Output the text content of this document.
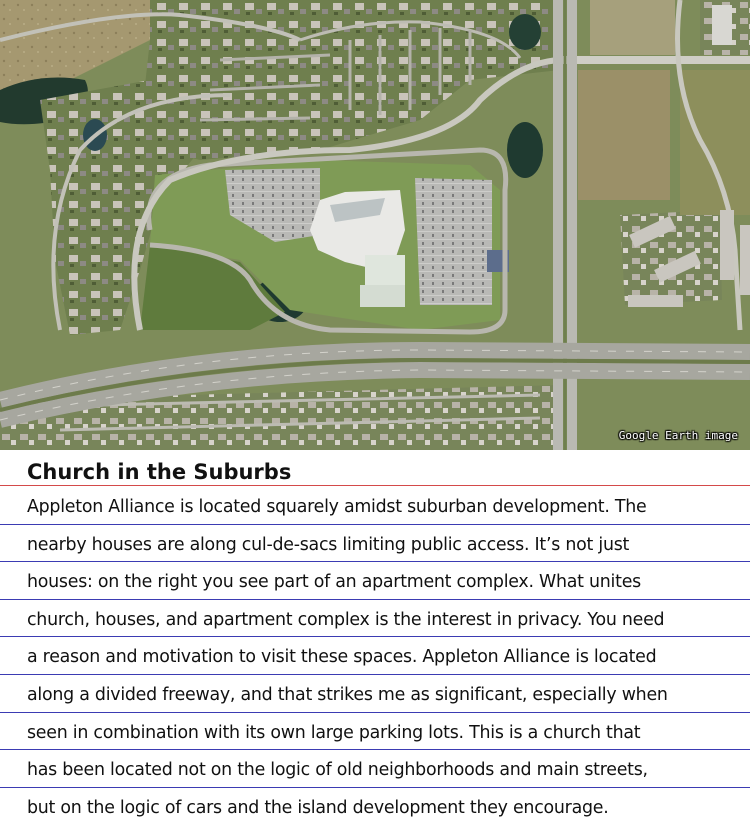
Google Earth image
Church in the Suburbs
Appleton Alliance is located squarely amidst suburban development. The
nearby houses are along cul-de-sacs limiting public access. It’s not just
houses: on the right you see part of an apartment complex. What unites
church, houses, and apartment complex is the interest in privacy. You need
a reason and motivation to visit these spaces. Appleton Alliance is located
along a divided freeway, and that strikes me as significant, especially when
seen in combination with its own large parking lots. This is a church that
has been located not on the logic of old neighborhoods and main streets,
but on the logic of cars and the island development they encourage.
